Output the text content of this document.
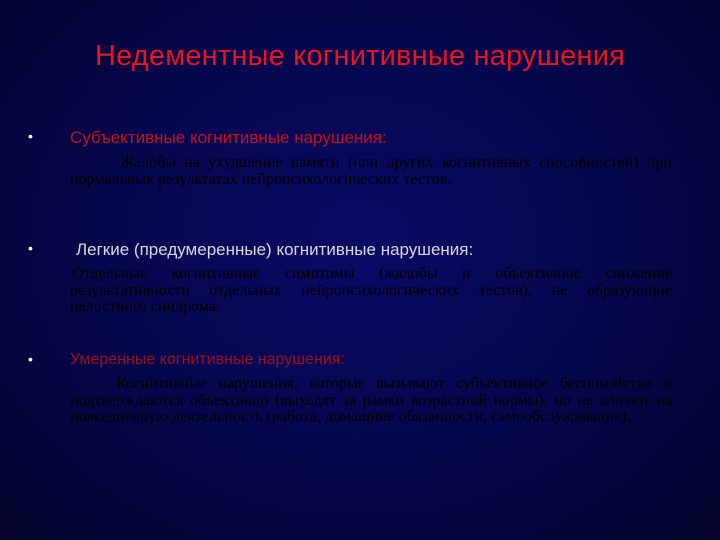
Недементные когнитивные нарушения
• Субъективные когнитивные нарушения:
Жалобы на ухудшение памяти (или других когнитивных способностей) при нормальных результатах нейропсихологических тестов.
•	Легкие (предумеренные) когнитивные нарушения:
Отдельные когнитивные симптомы (жалобы и объективное снижение результативности отдельных нейропсихологических тестов), не образующие целостного синдрома.
• Умеренные когнитивные нарушения:
Когнитивные нарушения, которые вызывают субъективное беспокойство и подтверждаются объективно (выходят за рамки возрастной нормы), но не влияют на повседневную деятельность (работа, домашние обязанности, самообслуживание).
